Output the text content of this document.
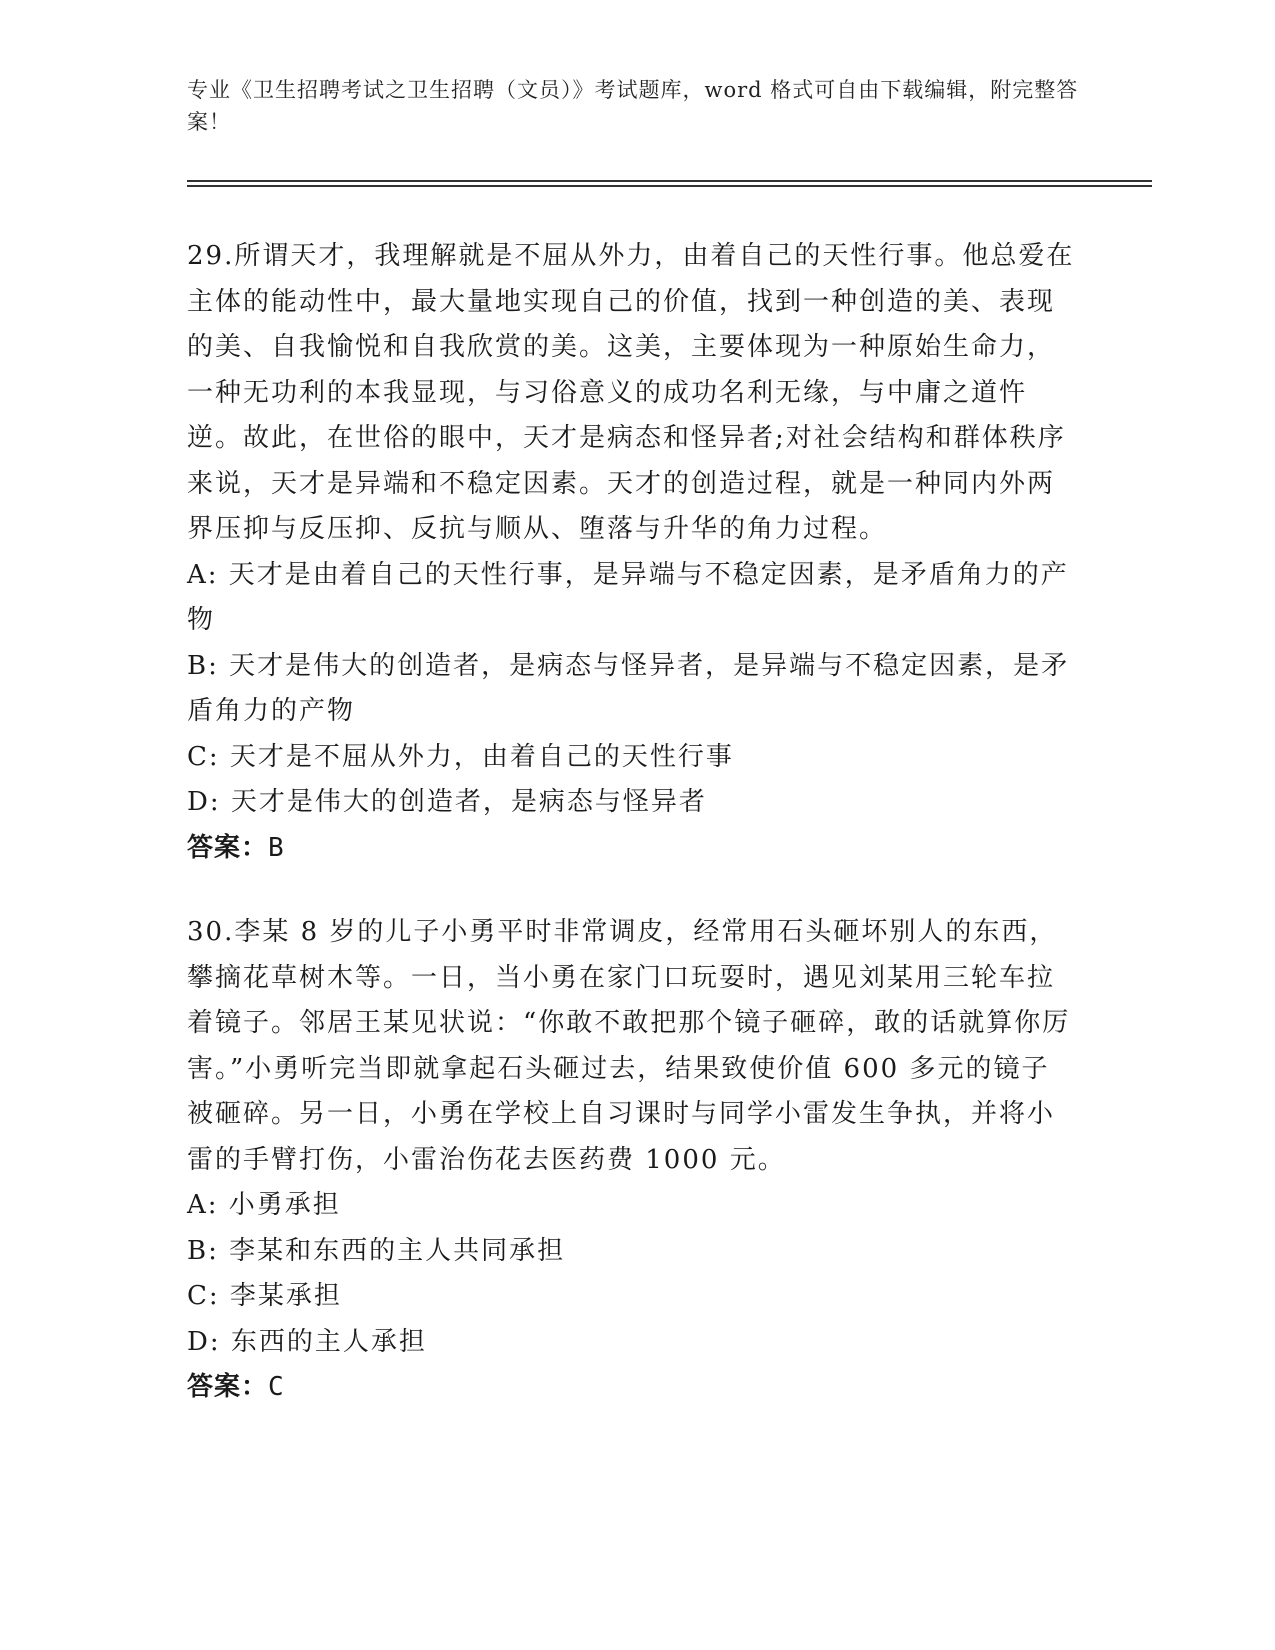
专业《卫生招聘考试之卫生招聘（文员）》考试题库，word 格式可自由下载编辑，附完整答案！

29.所谓天才，我理解就是不屈从外力，由着自己的天性行事。他总爱在主体的能动性中，最大量地实现自己的价值，找到一种创造的美、表现的美、自我愉悦和自我欣赏的美。这美，主要体现为一种原始生命力，一种无功利的本我显现，与习俗意义的成功名利无缘，与中庸之道忤逆。故此，在世俗的眼中，天才是病态和怪异者;对社会结构和群体秩序来说，天才是异端和不稳定因素。天才的创造过程，就是一种同内外两界压抑与反压抑、反抗与顺从、堕落与升华的角力过程。

A: 天才是由着自己的天性行事，是异端与不稳定因素，是矛盾角力的产物

B: 天才是伟大的创造者，是病态与怪异者，是异端与不稳定因素，是矛盾角力的产物

C: 天才是不屈从外力，由着自己的天性行事

D: 天才是伟大的创造者，是病态与怪异者

答案：B

30.李某 8 岁的儿子小勇平时非常调皮，经常用石头砸坏别人的东西，攀摘花草树木等。一日，当小勇在家门口玩耍时，遇见刘某用三轮车拉着镜子。邻居王某见状说：“你敢不敢把那个镜子砸碎，敢的话就算你厉害。”小勇听完当即就拿起石头砸过去，结果致使价值 600 多元的镜子被砸碎。另一日，小勇在学校上自习课时与同学小雷发生争执，并将小雷的手臂打伤，小雷治伤花去医药费 1000 元。

A: 小勇承担

B: 李某和东西的主人共同承担

C: 李某承担

D: 东西的主人承担

答案：C
